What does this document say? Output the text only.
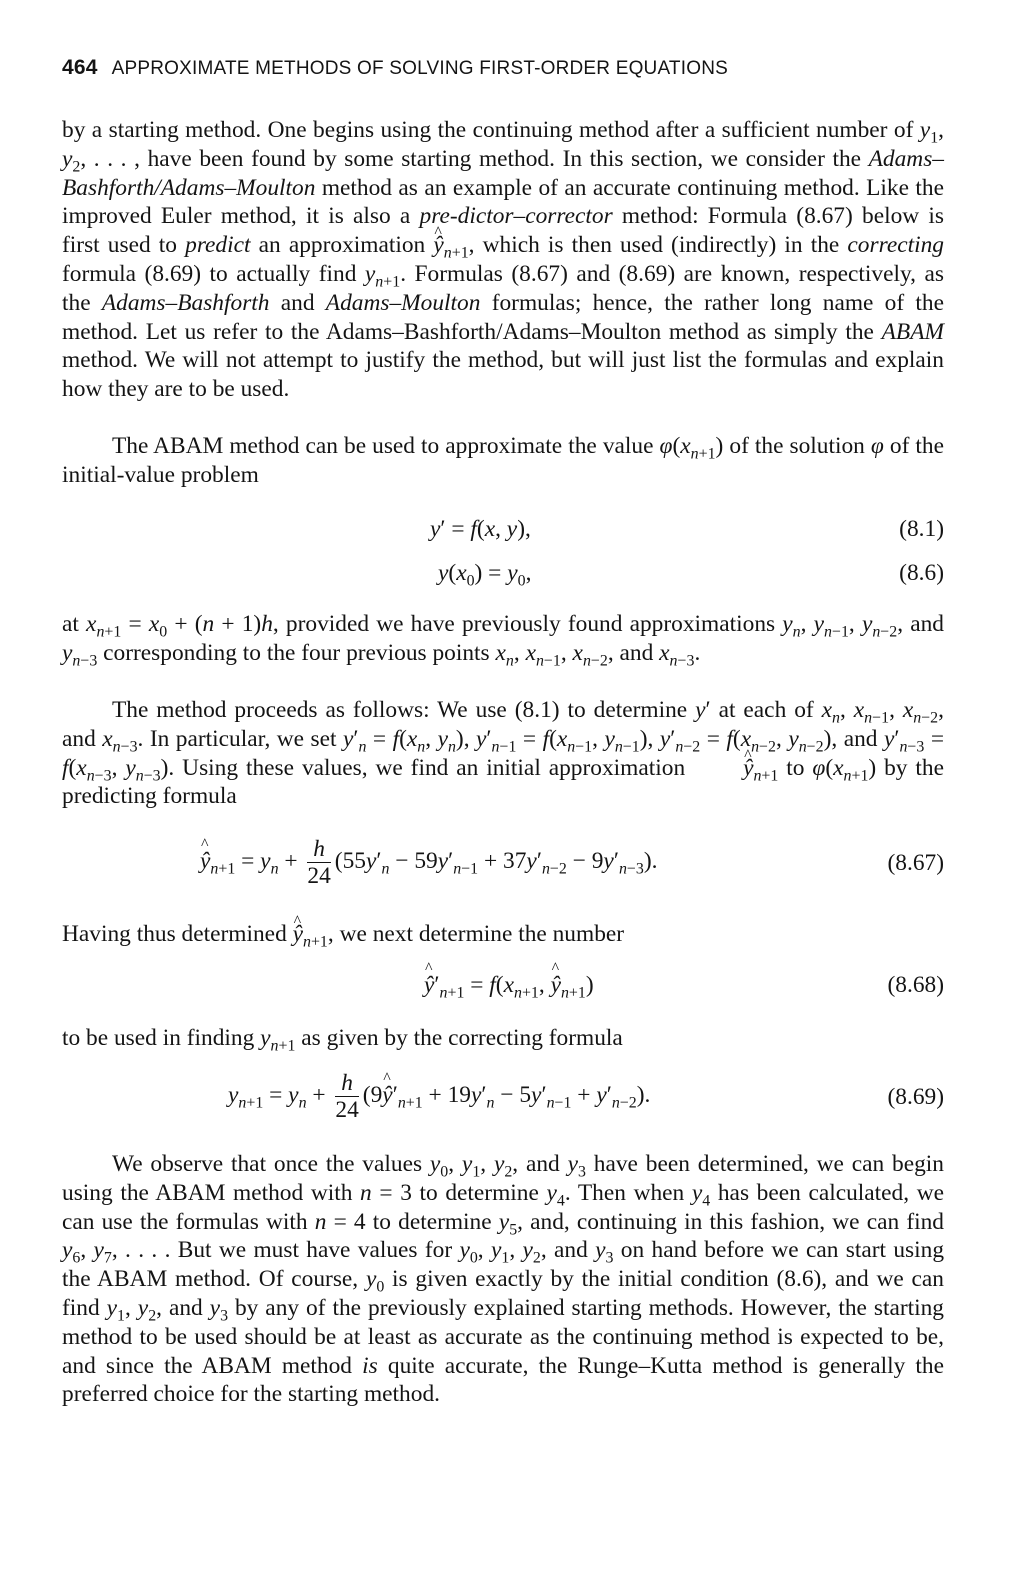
464 APPROXIMATE METHODS OF SOLVING FIRST-ORDER EQUATIONS

by a starting method. One begins using the continuing method after a sufficient number of $y_1$, $y_2$, . . . , have been found by some starting method. In this section, we consider the Adams–Bashforth/Adams–Moulton method as an example of an accurate continuing method. Like the improved Euler method, it is also a pre-dictor–corrector method: Formula (8.67) below is first used to predict an approximation ŷ $\^{}_{n+1}$, which is then used (indirectly) in the correcting formula (8.69) to actually find $y_{n+1}$. Formulas (8.67) and (8.69) are known, respectively, as the Adams–Bashforth and Adams–Moulton formulas; hence, the rather long name of the method. Let us refer to the Adams–Bashforth/Adams–Moulton method as simply the ABAM method. We will not attempt to justify the method, but will just list the formulas and explain how they are to be used.

The ABAM method can be used to approximate the value $\varphi(x_{n+1})$ of the solution φ of the initial-value problem

y′ = f(x, y),	(8.1)
$y(x_0) = y_0$,	(8.6)

at $x_{n+1} = x_0 + (n + 1)h$, provided we have previously found approximations $y_n$, $y_{n-1}$, $y_{n-2}$, and $y_{n-3}$ corresponding to the four previous points $x_n$, $x_{n-1}$, $x_{n-2}$, and $x_{n-3}$.

The method proceeds as follows: We use (8.1) to determine y′ at each of $x_n$, $x_{n-1}$, $x_{n-2}$, and $x_{n-3}$. In particular, we set $y'_n = f(x_n$, $y_n$), $y'_{n-1} = f(x_{n-1}$, $y_{n-1}$), $y'_{n-2} = f(x_{n-2}$, $y_{n-2}$), and $y'_{n-3} = f(x_{n-3}$, $y_{n-3}$). Using these values, we find an initial approximation ŷ $\^{}_{n+1}$ to $\varphi(x_{n+1})$ by the predicting formula

ŷ $\^{}_{n+1} = y_n + \frac{h}{24} (55y'_n - 59y'_{n-1} + 37y'_{n-2} - 9y'_{n-3})$.	(8.67)

Having thus determined ŷ $\^{}_{n+1}$, we next determine the number

ŷ $\^{}'_{n+1} = f(x_{n+1}$, ŷ $\^{}_{n+1}$)	(8.68)

to be used in finding $y_{n+1}$ as given by the correcting formula

$y_{n+1} = y_n + \frac{h}{24}$ (9ŷ $\^{}'_{n+1} + 19y'_n - 5y'_{n-1} + y'_{n-2}$).	(8.69)

We observe that once the values $y_0$, $y_1$, $y_2$, and $y_3$ have been determined, we can begin using the ABAM method with n = 3 to determine $y_4$. Then when $y_4$ has been calculated, we can use the formulas with n = 4 to determine $y_5$, and, continuing in this fashion, we can find $y_6$, $y_7$, . . . . But we must have values for $y_0$, $y_1$, $y_2$, and $y_3$ on hand before we can start using the ABAM method. Of course, $y_0$ is given exactly by the initial condition (8.6), and we can find $y_1$, $y_2$, and $y_3$ by any of the previously explained starting methods. However, the starting method to be used should be at least as accurate as the continuing method is expected to be, and since the ABAM method is quite accurate, the Runge–Kutta method is generally the preferred choice for the starting method.
